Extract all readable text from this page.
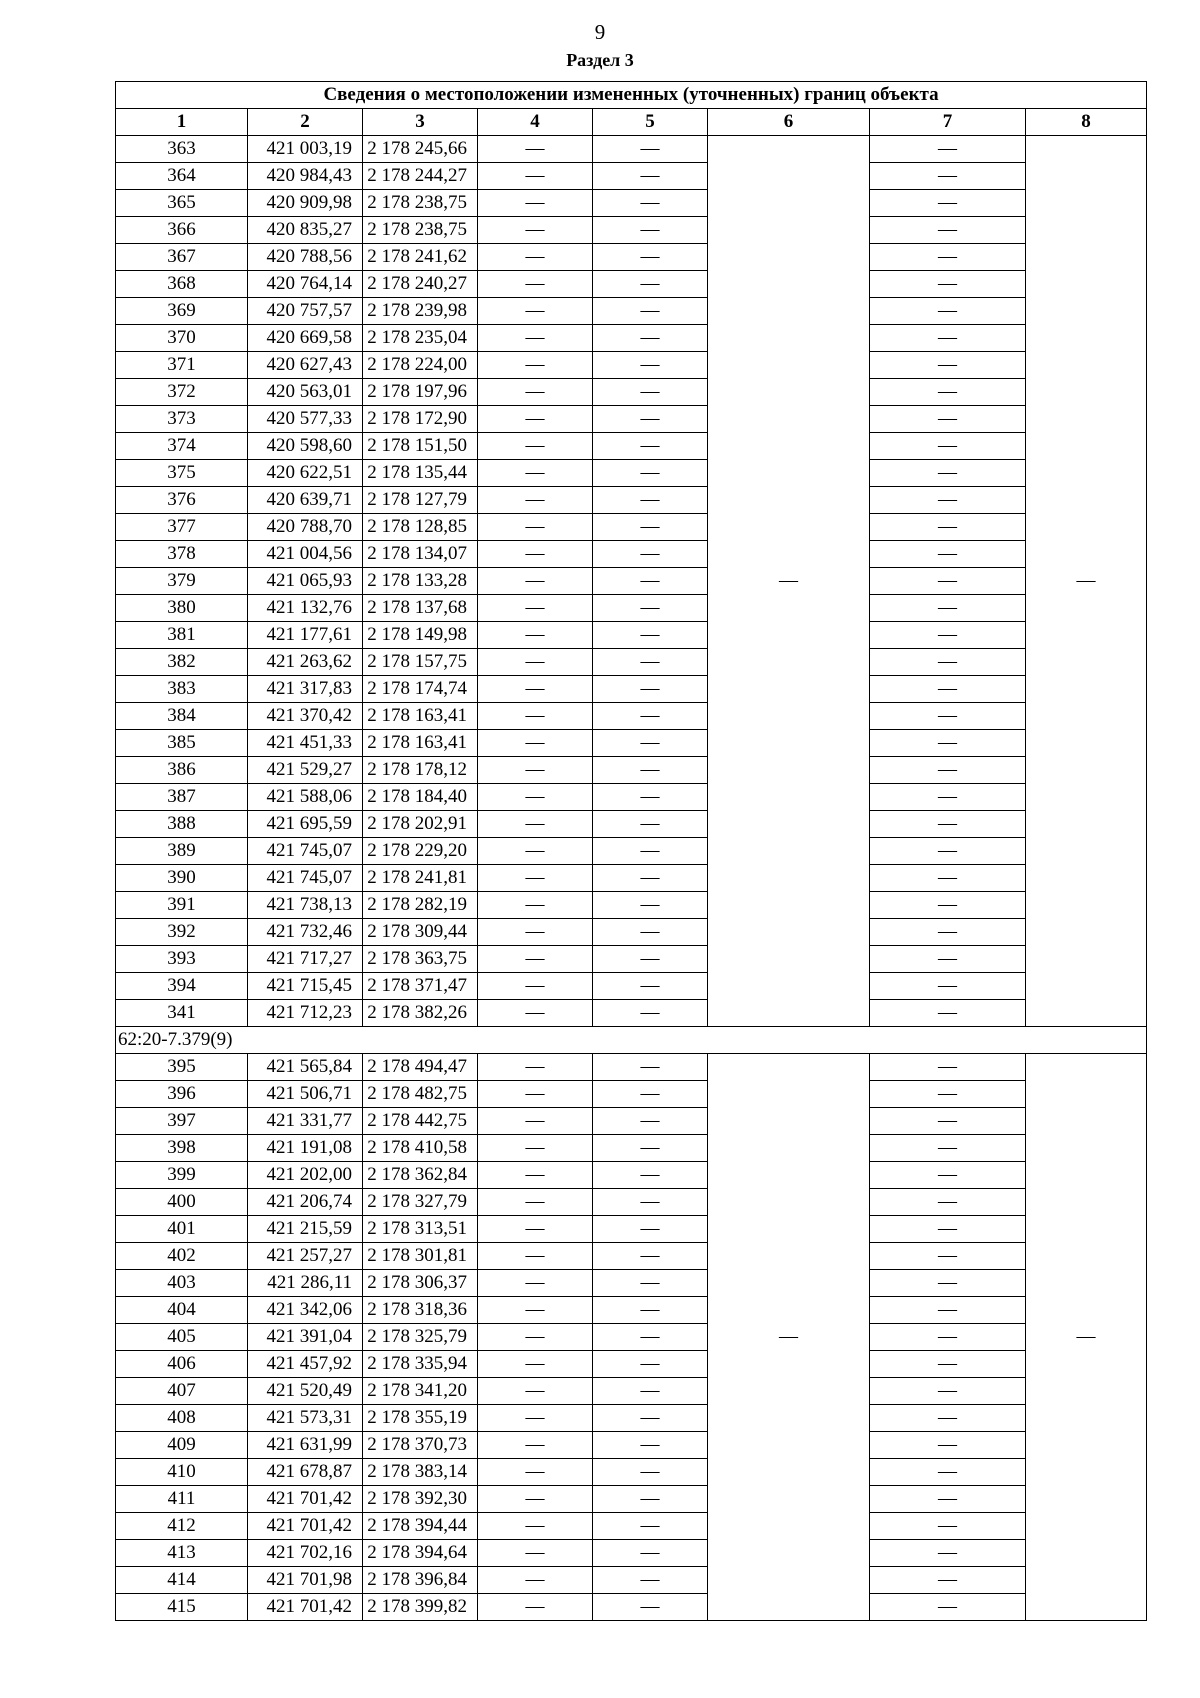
9
Раздел 3
Сведения о местоположении измененных (уточненных) границ объекта							
1	2	3	4	5	6	7	8
363	421 003,19	2 178 245,66	—	—	—	—	—
364	420 984,43	2 178 244,27	—	—		—	
365	420 909,98	2 178 238,75	—	—		—	
366	420 835,27	2 178 238,75	—	—		—	
367	420 788,56	2 178 241,62	—	—		—	
368	420 764,14	2 178 240,27	—	—		—	
369	420 757,57	2 178 239,98	—	—		—	
370	420 669,58	2 178 235,04	—	—		—	
371	420 627,43	2 178 224,00	—	—		—	
372	420 563,01	2 178 197,96	—	—		—	
373	420 577,33	2 178 172,90	—	—		—	
374	420 598,60	2 178 151,50	—	—		—	
375	420 622,51	2 178 135,44	—	—		—	
376	420 639,71	2 178 127,79	—	—		—	
377	420 788,70	2 178 128,85	—	—		—	
378	421 004,56	2 178 134,07	—	—		—	
379	421 065,93	2 178 133,28	—	—		—	
380	421 132,76	2 178 137,68	—	—		—	
381	421 177,61	2 178 149,98	—	—		—	
382	421 263,62	2 178 157,75	—	—		—	
383	421 317,83	2 178 174,74	—	—		—	
384	421 370,42	2 178 163,41	—	—		—	
385	421 451,33	2 178 163,41	—	—		—	
386	421 529,27	2 178 178,12	—	—		—	
387	421 588,06	2 178 184,40	—	—		—	
388	421 695,59	2 178 202,91	—	—		—	
389	421 745,07	2 178 229,20	—	—		—	
390	421 745,07	2 178 241,81	—	—		—	
391	421 738,13	2 178 282,19	—	—		—	
392	421 732,46	2 178 309,44	—	—		—	
393	421 717,27	2 178 363,75	—	—		—	
394	421 715,45	2 178 371,47	—	—		—	
341	421 712,23	2 178 382,26	—	—		—	
62:20-7.379(9)							
395	421 565,84	2 178 494,47	—	—	—	—	—
396	421 506,71	2 178 482,75	—	—		—	
397	421 331,77	2 178 442,75	—	—		—	
398	421 191,08	2 178 410,58	—	—		—	
399	421 202,00	2 178 362,84	—	—		—	
400	421 206,74	2 178 327,79	—	—		—	
401	421 215,59	2 178 313,51	—	—		—	
402	421 257,27	2 178 301,81	—	—		—	
403	421 286,11	2 178 306,37	—	—		—	
404	421 342,06	2 178 318,36	—	—		—	
405	421 391,04	2 178 325,79	—	—		—	
406	421 457,92	2 178 335,94	—	—		—	
407	421 520,49	2 178 341,20	—	—		—	
408	421 573,31	2 178 355,19	—	—		—	
409	421 631,99	2 178 370,73	—	—		—	
410	421 678,87	2 178 383,14	—	—		—	
411	421 701,42	2 178 392,30	—	—		—	
412	421 701,42	2 178 394,44	—	—		—	
413	421 702,16	2 178 394,64	—	—		—	
414	421 701,98	2 178 396,84	—	—		—	
415	421 701,42	2 178 399,82	—	—		—	
